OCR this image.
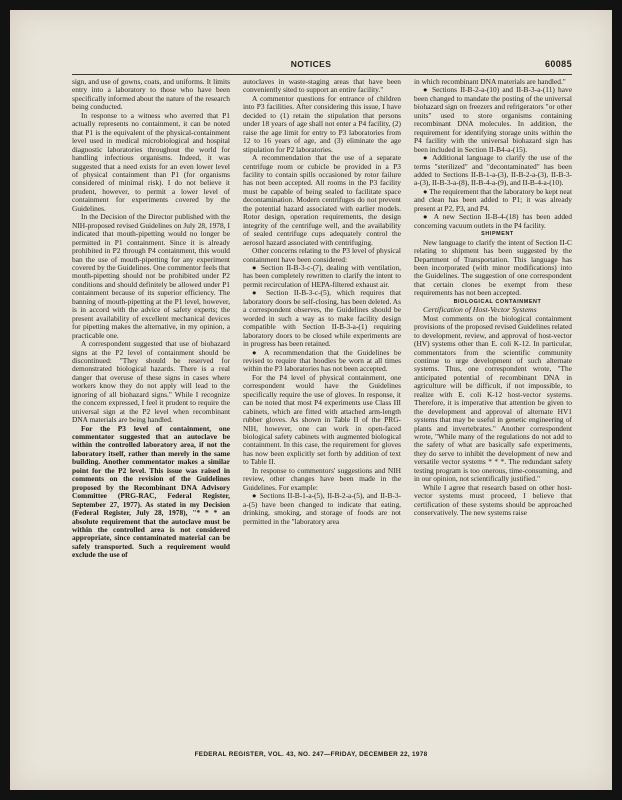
NOTICES	60085

sign, and use of gowns, coats, and uniforms. It limits entry into a laboratory to those who have been specifically informed about the nature of the research being conducted.

In response to a witness who averred that P1 actually represents no containment, it can be noted that P1 is the equivalent of the physical-containment level used in medical microbiological and hospital diagnostic laboratories throughout the world for handling infectious organisms. Indeed, it was suggested that a need exists for an even lower level of physical containment than P1 (for organisms considered of minimal risk). I do not believe it prudent, however, to permit a lower level of containment for experiments covered by the Guidelines.

In the Decision of the Director published with the NIH-proposed revised Guidelines on July 28, 1978, I indicated that mouth-pipetting would no longer be permitted in P1 containment. Since it is already prohibited in P2 through P4 containment, this would ban the use of mouth-pipetting for any experiment covered by the Guidelines. One commentor feels that mouth-pipetting should not be prohibited under P2 conditions and should definitely be allowed under P1 containment because of its superior efficiency. The banning of mouth-pipetting at the P1 level, however, is in accord with the advice of safety experts; the present availability of excellent mechanical devices for pipetting makes the alternative, in my opinion, a practicable one.

A correspondent suggested that use of biohazard signs at the P2 level of containment should be discontinued: "They should be reserved for demonstrated biological hazards. There is a real danger that overuse of these signs in cases where workers know they do not apply will lead to the ignoring of all biohazard signs." While I recognize the concern expressed, I feel it prudent to require the universal sign at the P2 level when recombinant DNA materials are being handled.

For the P3 level of containment, one commentator suggested that an autoclave be within the controlled laboratory area, if not the laboratory itself, rather than merely in the same building. Another commentator makes a similar point for the P2 level. This issue was raised in comments on the revision of the Guidelines proposed by the Recombinant DNA Advisory Committee (PRG-RAC, Federal Register, September 27, 1977). As stated in my Decision (Federal Register, July 28, 1978), "* * * an absolute requirement that the autoclave must be within the controlled area is not considered appropriate, since contaminated material can be safely transported. Such a requirement would exclude the use of

autoclaves in waste-staging areas that have been conveniently sited to support an entire facility."

A commentor questions for entrance of children into P3 facilities. After considering this issue, I have decided to (1) retain the stipulation that persons under 18 years of age shall not enter a P4 facility, (2) raise the age limit for entry to P3 laboratories from 12 to 16 years of age, and (3) eliminate the age stipulation for P2 laboratories.

A recommendation that the use of a separate centrifuge room or cubicle be provided in a P3 facility to contain spills occasioned by rotor failure has not been accepted. All rooms in the P3 facility must be capable of being sealed to facilitate space decontamination. Modern centrifuges do not prevent the potential hazard associated with earlier models. Rotor design, operation requirements, the design integrity of the centrifuge well, and the availability of sealed centrifuge cups adequately control the aerosol hazard associated with centrifuging.

Other concerns relating to the P3 level of physical containment have been considered:

● Section II-B-3-c-(7), dealing with ventilation, has been completely rewritten to clarify the intent to permit recirculation of HEPA-filtered exhaust air.

● Section II-B-3-c-(5), which requires that laboratory doors be self-closing, has been deleted. As a correspondent observes, the Guidelines should be worded in such a way as to make facility design compatible with Section II-B-3-a-(1) requiring laboratory doors to be closed while experiments are in progress has been retained.

● A recommendation that the Guidelines be revised to require that hoodies be worn at all times within the P3 laboratories has not been accepted.

For the P4 level of physical containment, one correspondent would have the Guidelines specifically require the use of gloves. In response, it can be noted that most P4 experiments use Class III cabinets, which are fitted with attached arm-length rubber gloves. As shown in Table II of the PRG-NIH, however, one can work in open-faced biological safety cabinets with augmented biological containment. In this case, the requirement for gloves has now been explicitly set forth by addition of text to Table II.

In response to commentors' suggestions and NIH review, other changes have been made in the Guidelines. For example:

● Sections II-B-1-a-(5), II-B-2-a-(5), and II-B-3-a-(5) have been changed to indicate that eating, drinking, smoking, and storage of foods are not permitted in the "laboratory area

in which recombinant DNA materials are handled."

● Sections II-B-2-a-(10) and II-B-3-a-(11) have been changed to mandate the posting of the universal biohazard sign on freezers and refrigerators "or other units" used to store organisms containing recombinant DNA molecules. In addition, the requirement for identifying storage units within the P4 facility with the universal biohazard sign has been included in Section II-B4-a-(15).

● Additional language to clarify the use of the terms "sterilized" and "decontaminated" has been added to Sections II-B-1-a-(3), II-B-2-a-(3), II-B-3-a-(3), II-B-3-a-(8), II-B-4-a-(9), and II-B-4-a-(10).

● The requirement that the laboratory be kept neat and clean has been added to P1; it was already present at P2, P3, and P4.

● A new Section II-B-4-(18) has been added concerning vacuum outlets in the P4 facility.

SHIPMENT

New language to clarify the intent of Section II-C relating to shipment has been suggested by the Department of Transportation. This language has been incorporated (with minor modifications) into the Guidelines. The suggestion of one correspondent that certain clones be exempt from these requirements has not been accepted.

BIOLOGICAL CONTAINMENT

Certification of Host-Vector Systems

Most comments on the biological containment provisions of the proposed revised Guidelines related to development, review, and approval of host-vector (HV) systems other than E. coli K-12. In particular, commentators from the scientific community continue to urge development of such alternate systems. Thus, one correspondent wrote, "The anticipated potential of recombinant DNA in agriculture will be difficult, if not impossible, to realize with E. coli K-12 host-vector systems. Therefore, it is imperative that attention be given to the development and approval of alternate HV1 systems that may be useful in genetic engineering of plants and invertebrates." Another correspondent wrote, "While many of the regulations do not add to the safety of what are basically safe experiments, they do serve to inhibit the development of new and versatile vector systems * * *. The redundant safety testing program is too onerous, time-consuming, and in our opinion, not scientifically justified."

While I agree that research based on other host-vector systems must proceed, I believe that certification of these systems should be approached conservatively. The new systems raise

FEDERAL REGISTER, VOL. 43, NO. 247—FRIDAY, DECEMBER 22, 1978
